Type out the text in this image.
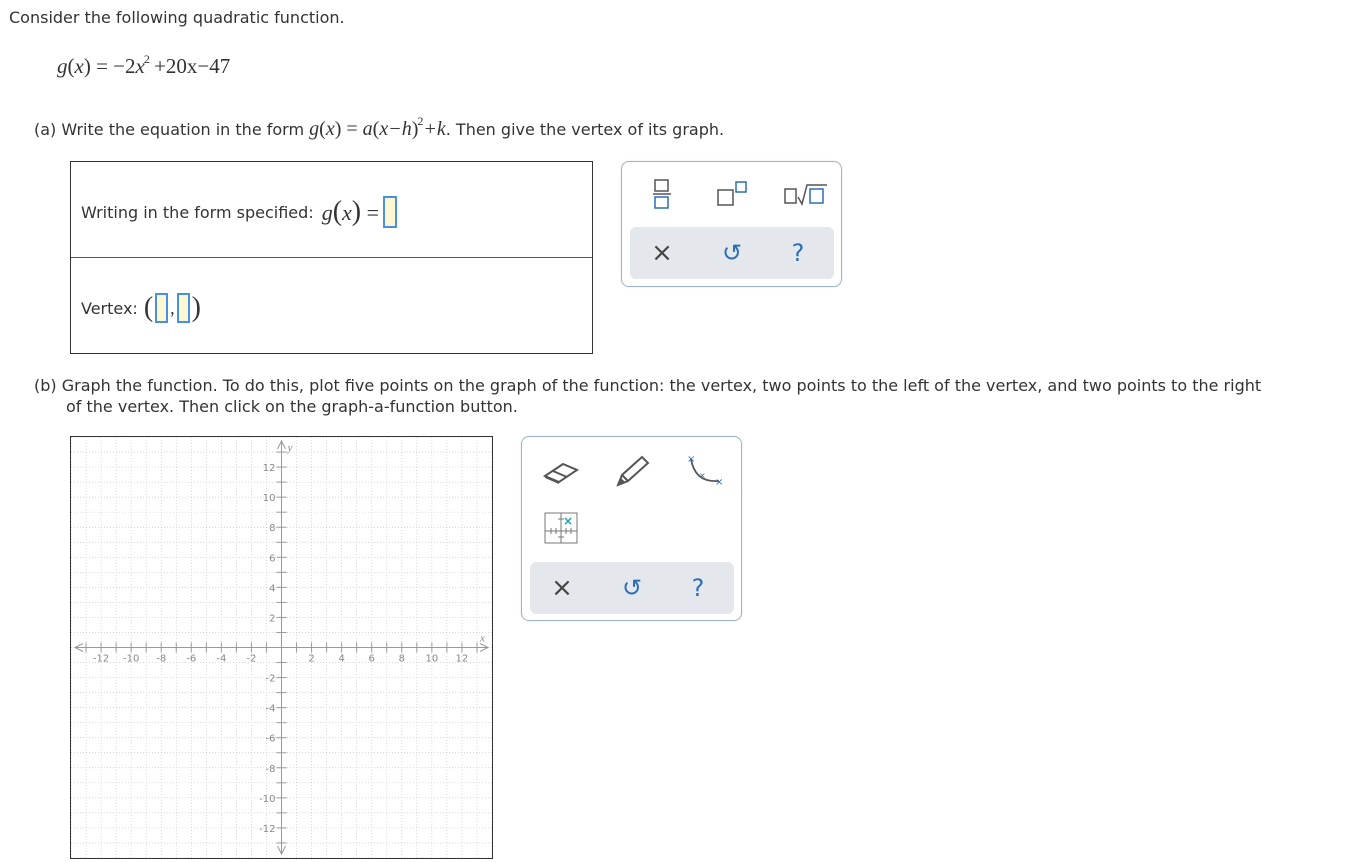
Consider the following quadratic function.
$g(x) = -2x^2 +20x-47$
(a) Write the equation in the form $g(x) = a(x-h)^2+k$. Then give the vertex of its graph.
Writing in the form specified: g(x) =
Vertex: ( , )
× ↺ ?
(b) Graph the function. To do this, plot five points on the graph of the function: the vertex, two points to the left of the vertex, and two points to the right
of the vertex. Then click on the graph-a-function button.
-12 -10 -8 -6 -4 -2	2 4 6 8 10 12
12
10
8
6
4
2
-2
-4
-6
-8
-10
-12
x
y
×
×
×
×
× ↺ ?
